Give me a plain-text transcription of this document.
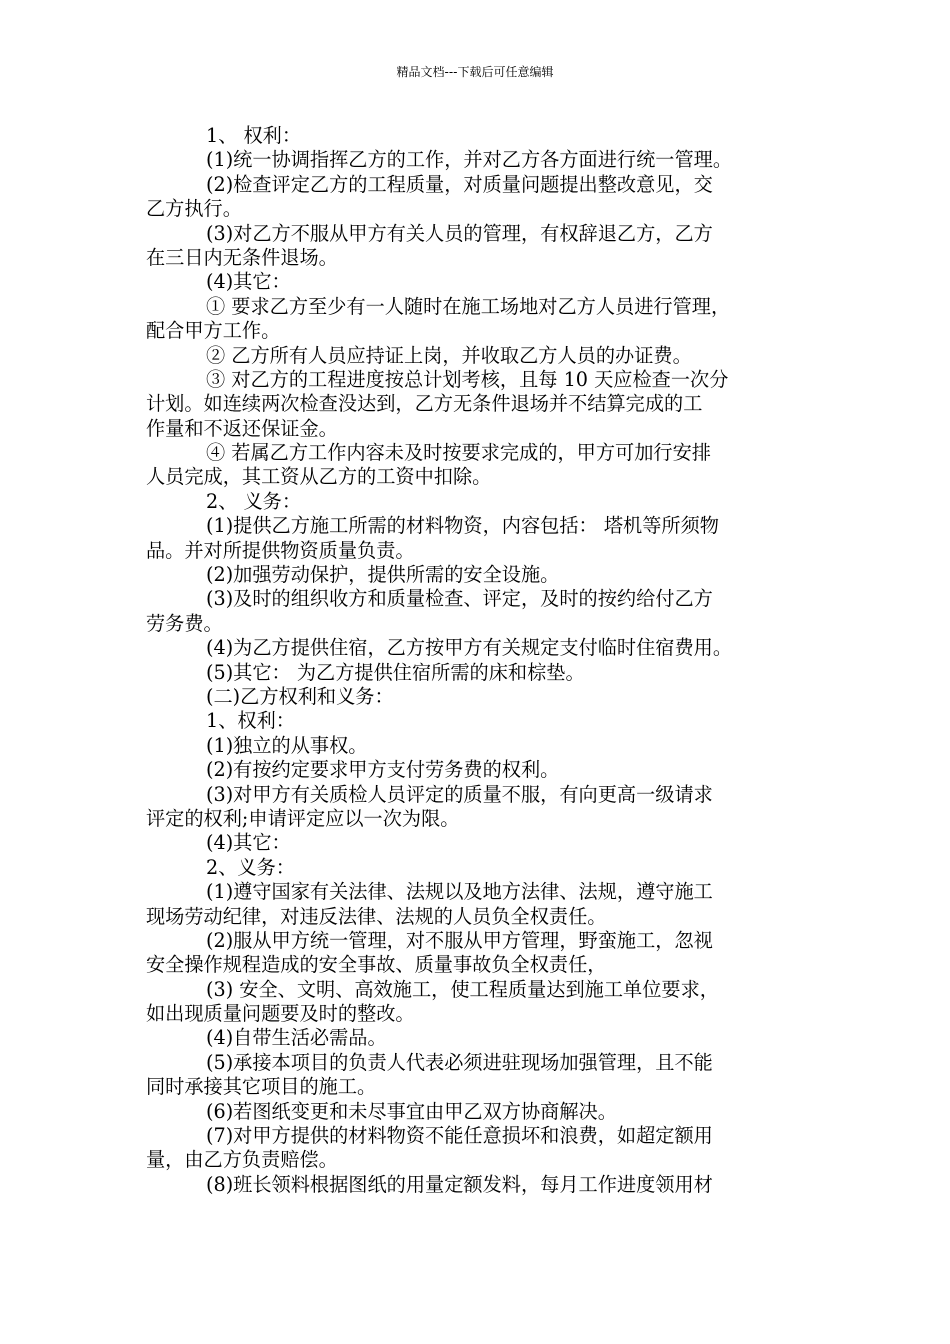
精品文档---下载后可任意编辑
1、 权利：
(1)统一协调指挥乙方的工作，并对乙方各方面进行统一管理。
(2)检查评定乙方的工程质量，对质量问题提出整改意见，交
乙方执行。
(3)对乙方不服从甲方有关人员的管理，有权辞退乙方，乙方
在三日内无条件退场。
(4)其它：
① 要求乙方至少有一人随时在施工场地对乙方人员进行管理，
配合甲方工作。
② 乙方所有人员应持证上岗，并收取乙方人员的办证费。
③ 对乙方的工程进度按总计划考核，且每 10 天应检查一次分
计划。如连续两次检查没达到，乙方无条件退场并不结算完成的工
作量和不返还保证金。
④ 若属乙方工作内容未及时按要求完成的，甲方可加行安排
人员完成，其工资从乙方的工资中扣除。
2、 义务：
(1)提供乙方施工所需的材料物资，内容包括： 塔机等所须物
品。并对所提供物资质量负责。
(2)加强劳动保护，提供所需的安全设施。
(3)及时的组织收方和质量检查、评定，及时的按约给付乙方
劳务费。
(4)为乙方提供住宿，乙方按甲方有关规定支付临时住宿费用。
(5)其它： 为乙方提供住宿所需的床和棕垫。
(二)乙方权利和义务：
1、权利：
(1)独立的从事权。
(2)有按约定要求甲方支付劳务费的权利。
(3)对甲方有关质检人员评定的质量不服，有向更高一级请求
评定的权利;申请评定应以一次为限。
(4)其它：
2、义务：
(1)遵守国家有关法律、法规以及地方法律、法规，遵守施工
现场劳动纪律，对违反法律、法规的人员负全权责任。
(2)服从甲方统一管理，对不服从甲方管理，野蛮施工，忽视
安全操作规程造成的安全事故、质量事故负全权责任，
(3) 安全、文明、高效施工，使工程质量达到施工单位要求，
如出现质量问题要及时的整改。
(4)自带生活必需品。
(5)承接本项目的负责人代表必须进驻现场加强管理，且不能
同时承接其它项目的施工。
(6)若图纸变更和未尽事宜由甲乙双方协商解决。
(7)对甲方提供的材料物资不能任意损坏和浪费，如超定额用
量，由乙方负责赔偿。
(8)班长领料根据图纸的用量定额发料，每月工作进度领用材
